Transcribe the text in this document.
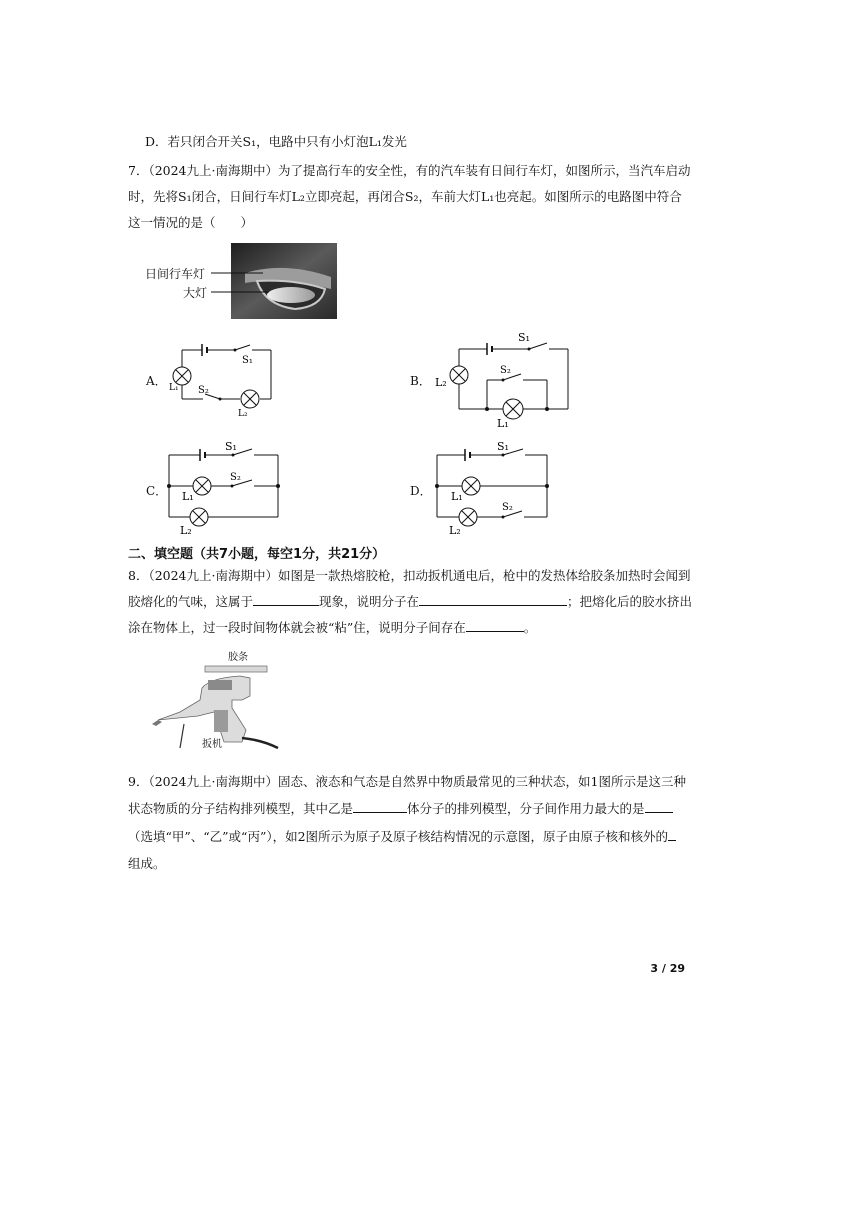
D．若只闭合开关S₁，电路中只有小灯泡L₁发光
7．（2024九上·南海期中）为了提高行车的安全性，有的汽车装有日间行车灯，如图所示，当汽车启动
时，先将S₁闭合，日间行车灯L₂立即亮起，再闭合S₂，车前大灯L₁也亮起。如图所示的电路图中符合
这一情况的是（　　）
日间行车灯
大灯
A．
S₁
S₂
L₁
L₂
B．
S₁
S₂
L₂
L₁
C．
S₁
S₂
L₁
L₂
D．
S₁
S₂
L₁
L₂
二、填空题（共7小题，每空1分，共21分）
8．（2024九上·南海期中）如图是一款热熔胶枪，扣动扳机通电后，枪中的发热体给胶条加热时会闻到
胶熔化的气味，这属于	现象，说明分子在	；把熔化后的胶水挤出
涂在物体上，过一段时间物体就会被“粘”住，说明分子间存在	。
胶条
扳机
9．（2024九上·南海期中）固态、液态和气态是自然界中物质最常见的三种状态，如1图所示是这三种
状态物质的分子结构排列模型，其中乙是	体分子的排列模型，分子间作用力最大的是
（选填“甲”、“乙”或“丙”），如2图所示为原子及原子核结构情况的示意图，原子由原子核和核外的
组成。
3 / 29
